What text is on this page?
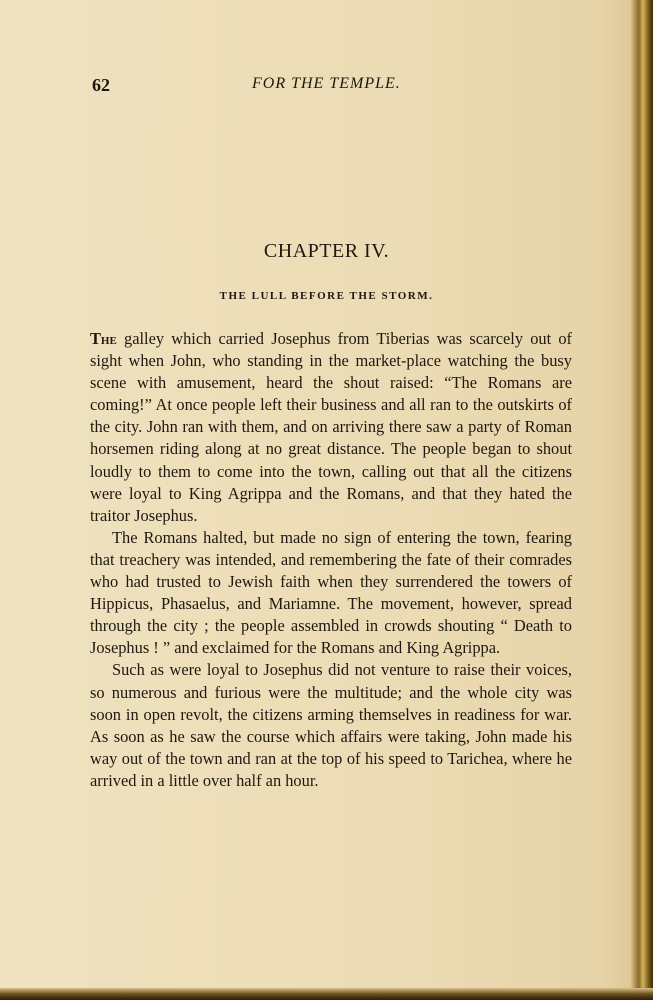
62	FOR THE TEMPLE.
CHAPTER IV.
THE LULL BEFORE THE STORM.

The galley which carried Josephus from Tiberias was scarcely out of sight when John, who standing in the market-place watching the busy scene with amusement, heard the shout raised: “The Romans are coming!” At once people left their business and all ran to the outskirts of the city. John ran with them, and on arriving there saw a party of Roman horsemen riding along at no great distance. The people began to shout loudly to them to come into the town, calling out that all the citizens were loyal to King Agrippa and the Romans, and that they hated the traitor Josephus.

The Romans halted, but made no sign of entering the town, fearing that treachery was intended, and remembering the fate of their comrades who had trusted to Jewish faith when they surrendered the towers of Hippicus, Phasaelus, and Mariamne. The movement, however, spread through the city ; the people assembled in crowds shouting “ Death to Josephus ! ” and exclaimed for the Romans and King Agrippa.

Such as were loyal to Josephus did not venture to raise their voices, so numerous and furious were the multitude; and the whole city was soon in open revolt, the citizens arming themselves in readiness for war. As soon as he saw the course which affairs were taking, John made his way out of the town and ran at the top of his speed to Tarichea, where he arrived in a little over half an hour.
